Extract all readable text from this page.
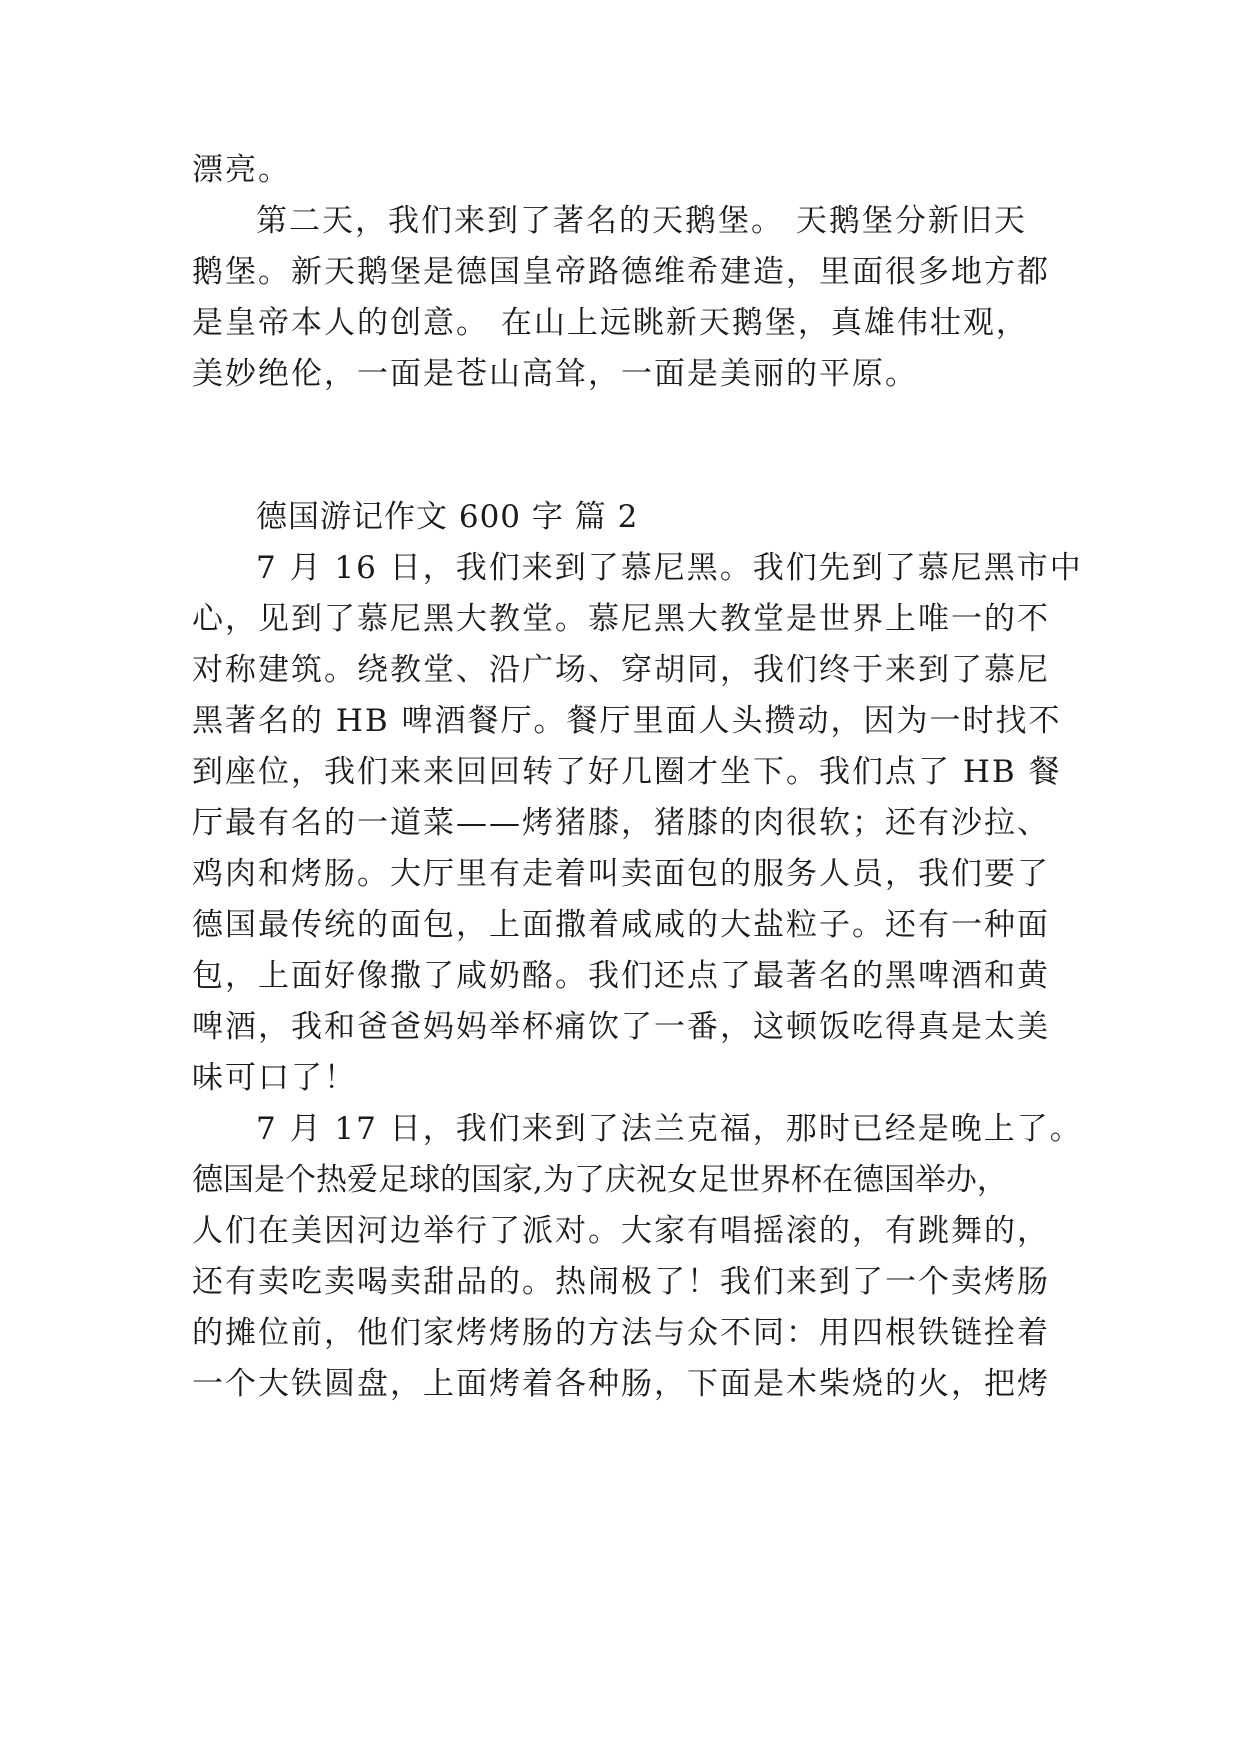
漂亮。
第二天，我们来到了著名的天鹅堡。 天鹅堡分新旧天
鹅堡。新天鹅堡是德国皇帝路德维希建造，里面很多地方都
是皇帝本人的创意。 在山上远眺新天鹅堡，真雄伟壮观，
美妙绝伦，一面是苍山高耸，一面是美丽的平原。
德国游记作文 600 字 篇 2
7 月 16 日，我们来到了慕尼黑。我们先到了慕尼黑市中
心，见到了慕尼黑大教堂。慕尼黑大教堂是世界上唯一的不
对称建筑。绕教堂、沿广场、穿胡同，我们终于来到了慕尼
黑著名的 HB 啤酒餐厅。餐厅里面人头攒动，因为一时找不
到座位，我们来来回回转了好几圈才坐下。我们点了 HB 餐
厅最有名的一道菜——烤猪膝，猪膝的肉很软；还有沙拉、
鸡肉和烤肠。大厅里有走着叫卖面包的服务人员，我们要了
德国最传统的面包，上面撒着咸咸的大盐粒子。还有一种面
包，上面好像撒了咸奶酪。我们还点了最著名的黑啤酒和黄
啤酒，我和爸爸妈妈举杯痛饮了一番，这顿饭吃得真是太美
味可口了！
7 月 17 日，我们来到了法兰克福，那时已经是晚上了。
德国是个热爱足球的国家,为了庆祝女足世界杯在德国举办，
人们在美因河边举行了派对。大家有唱摇滚的，有跳舞的，
还有卖吃卖喝卖甜品的。热闹极了！我们来到了一个卖烤肠
的摊位前，他们家烤烤肠的方法与众不同：用四根铁链拴着
一个大铁圆盘，上面烤着各种肠，下面是木柴烧的火，把烤
